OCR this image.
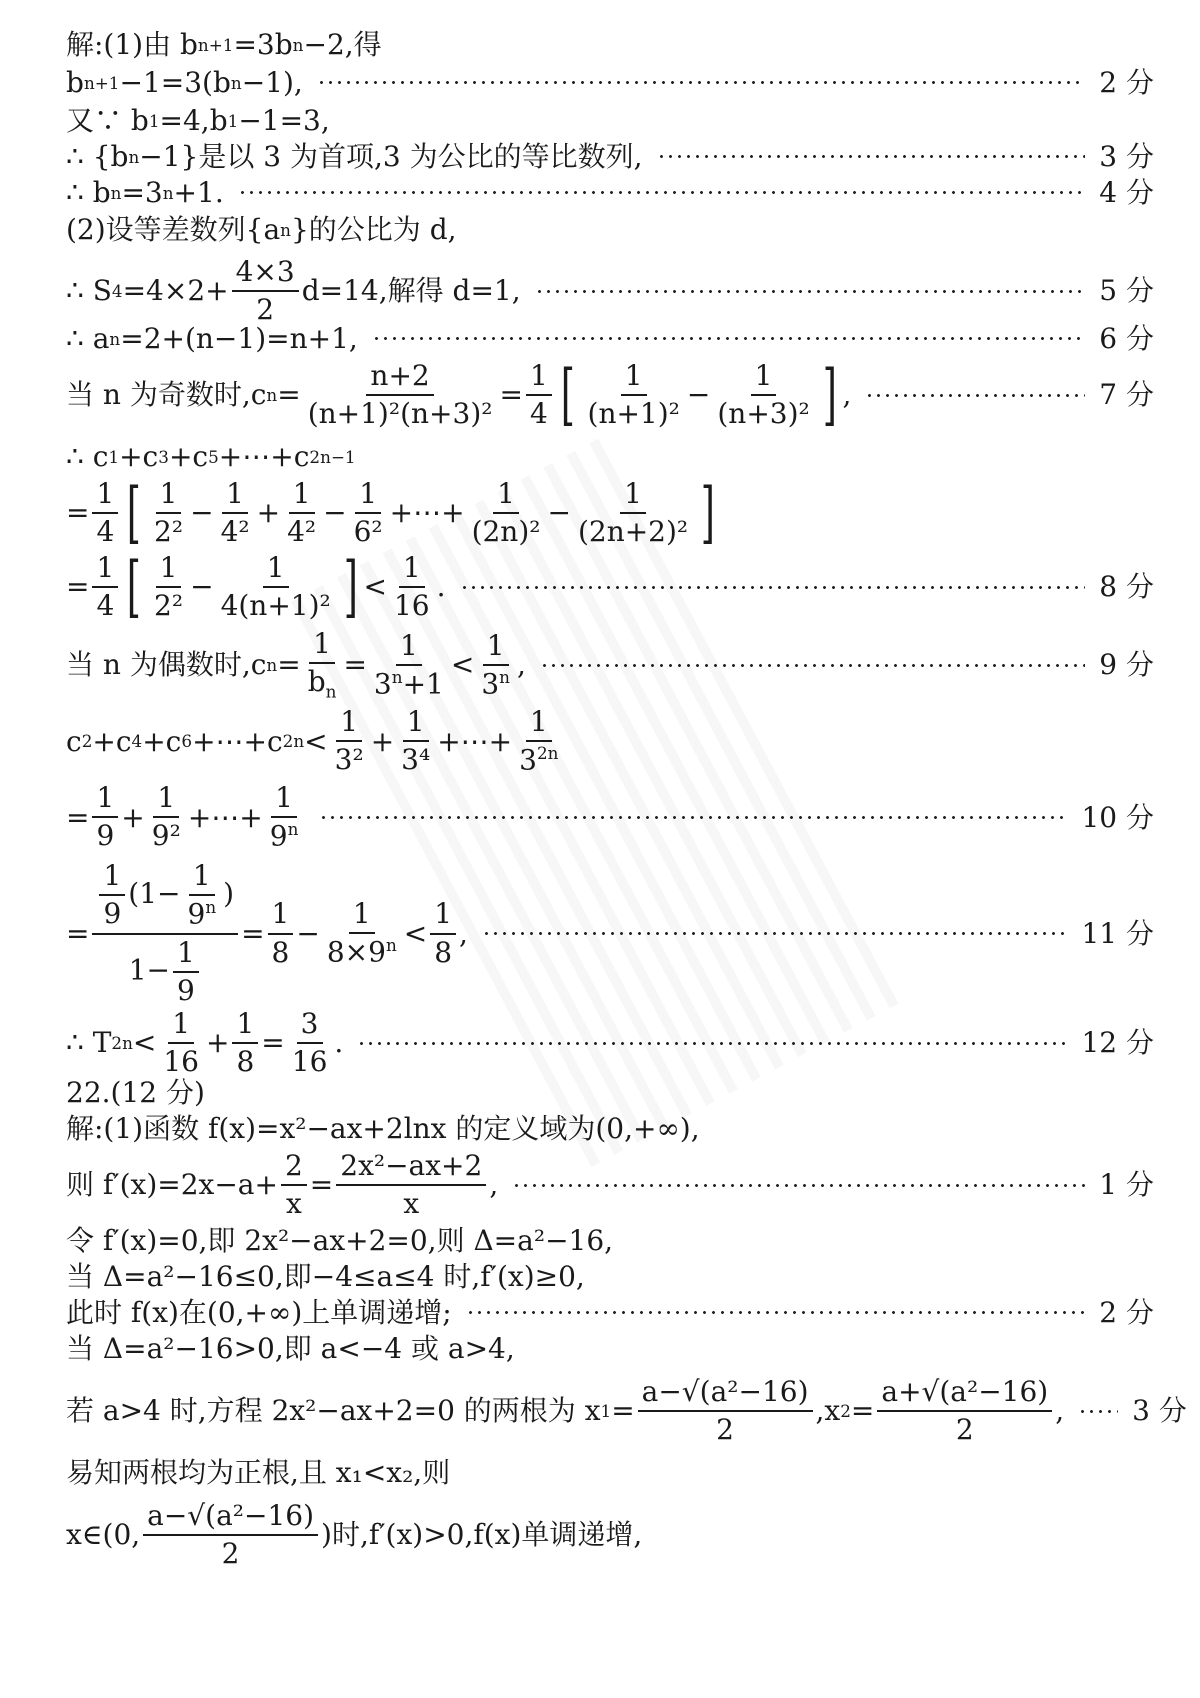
解:(1)由 b n+1 =3b n −2,得
b n+1 −1=3(b n −1),	2 分
又∵ b 1 =4,b 1 −1=3,
∴ {b n −1}是以 3 为首项,3 为公比的等比数列,	3 分
∴ b n =3 n +1.	4 分
(2)设等差数列{a n }的公比为 d,
∴ S $4 =4\times 2+ \frac{4\times 3}{2} d=14$,解得 d=1,	5 分
∴ a n =2+(n−1)=n+1,	6 分
当 n 为奇数时,c $n = \frac{n+2}{\text{(n+1)²(n+3)²}} = \frac{1}{4}$ [ $\frac{1}{\text{(n+1)²}} - \frac{1}{\text{(n+3)²}}$ ] ,	7 分
∴ c 1 +c 3 +c 5 +⋯+c 2n−1
= $\frac{1}{4}$ [ $\frac{1}{\text{2²}} - \frac{1}{\text{4²}} + \frac{1}{\text{4²}} - \frac{1}{\text{6²}}$ +⋯+ $\frac{1}{\text{(2n)²}} - \frac{1}{\text{(2n+2)²}}$ ]
= $\frac{1}{4}$ [ $\frac{1}{\text{2²}} - \frac{1}{\text{4(n+1)²}}$ ] < $\frac{1}{16}$ .	8 分
当 n 为偶数时,c $n = \frac{1}{b_n} = \frac{1}{3^n+1} < \frac{1}{3^n}$ ,	9 分
c 2 +c 4 +c 6 +⋯+c $2n < \frac{1}{\text{3²}} + \frac{1}{\text{3⁴}}$ +⋯+ $\frac{1}{3^{2n}}$
= $\frac{1}{9} + \frac{1}{\text{9²}}$ +⋯+ $\frac{1}{9^n}$	10 分
= $\frac{\frac{1}{9} (1- \frac{1}{9^n} )}{1- \frac{1}{9}} = \frac{1}{8} - \frac{1}{8\times 9^n} < \frac{1}{8}$ ,	11 分
∴ T $2n < \frac{1}{16} + \frac{1}{8} = \frac{3}{16}$ .	12 分
22.(12 分)
解:(1)函数 f(x)=x²−ax+2lnx 的定义域为(0,+∞),
则 $f'(x)=2x-a+ \frac{2}{x} = \frac{\text{2x²−ax+2}}{x}$ ,	1 分
令 f′(x)=0,即 2x²−ax+2=0,则 Δ=a²−16,
当 Δ=a²−16≤0,即−4≤a≤4 时,f′(x)≥0,
此时 f(x)在(0,+∞)上单调递增;	2 分
当 Δ=a²−16>0,即 a<−4 或 a>4,
若 a>4 时,方程 2x²−ax+2=0 的两根为 x $1 = \frac{\text{a−√(a²−16)}}{2} ,x$ $2 = \frac{\text{a+√(a²−16)}}{2}$ , 3 分
易知两根均为正根,且 x₁<x₂,则
x∈(0, $\frac{\text{a−√(a²−16)}}{2}$ )时,f′(x)>0,f(x)单调递增,
